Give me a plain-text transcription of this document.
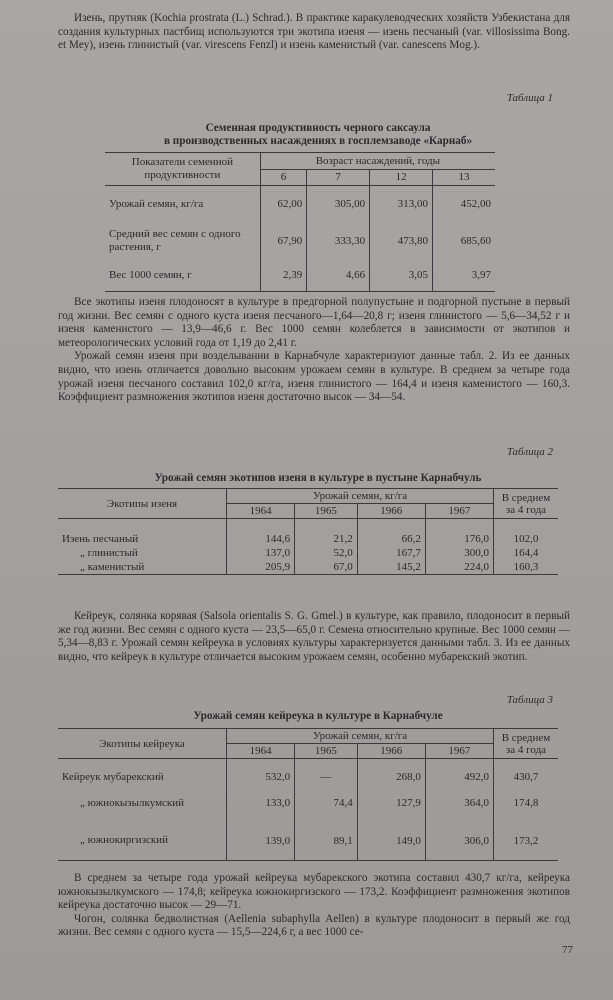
Изень, прутняк (Kochia prostrata (L.) Schrad.). В практике каракулеводческих хозяйств Узбекистана для создания культурных пастбищ используются три экотипа изеня — изень песчаный (var. villosissima Bong. et Mey), изень глинистый (var. virescens Fenzl) и изень каменистый (var. canescens Mog.).

Таблица 1
Семенная продуктивность черного саксаула
в производственных насаждениях в госплемзаводе «Карнаб»
Показатели семенной продуктивности	Возраст насаждений, годы			
	6	7	12	13
Урожай семян, кг/га	62,00	305,00	313,00	452,00
Средний вес семян с одного растения, г	67,90	333,30	473,80	685,60
Вес 1000 семян, г	2,39	4,66	3,05	3,97

Все экотипы изеня плодоносят в культуре в предгорной полупустыне и подгорной пустыне в первый год жизни. Вес семян с одного куста изеня песчаного—1,64—20,8 г; изеня глинистого — 5,6—34,52 г и изеня каменистого — 13,9—46,6 г. Вес 1000 семян колеблется в зависимости от экотипов и метеорологических условий года от 1,19 до 2,41 г.

Урожай семян изеня при возделывании в Карнабчуле характеризуют данные табл. 2. Из ее данных видно, что изень отличается довольно высоким урожаем семян в культуре. В среднем за четыре года урожай изеня песчаного составил 102,0 кг/га, изеня глинистого — 164,4 и изеня каменистого — 160,3. Коэффициент размножения экотипов изеня достаточно высок — 34—54.

Таблица 2
Урожай семян экотипов изеня в культуре в пустыне Карнабчуль
Экотипы изеня	Урожай семян, кг/га				В среднем за 4 года
	1964	1965	1966	1967	
Изень песчаный	144,6	21,2	66,2	176,0	102,0
„ глинистый	137,0	52,0	167,7	300,0	164,4
„ каменистый	205,9	67,0	145,2	224,0	160,3

Кейреук, солянка корявая (Salsola orientalis S. G. Gmel.) в культуре, как правило, плодоносит в первый же год жизни. Вес семян с одного куста — 23,5—65,0 г. Семена относительно крупные. Вес 1000 семян — 5,34—8,83 г. Урожай семян кейреука в условиях культуры характеризуется данными табл. 3. Из ее данных видно, что кейреук в культуре отличается высоким урожаем семян, особенно мубарекский экотип.

Таблица 3
Урожай семян кейреука в культуре в Карнабчуле
Экотипы кейреука	Урожай семян, кг/га				В среднем за 4 года
	1964	1965	1966	1967	
Кейреук мубарекский	532,0	—	268,0	492,0	430,7
„ южнокызылкумский	133,0	74,4	127,9	364,0	174,8
„ южнокиргизский	139,0	89,1	149,0	306,0	173,2

В среднем за четыре года урожай кейреука мубарекского экотипа составил 430,7 кг/га, кейреука южнокызылкумского — 174,8; кейреука южнокиргизского — 173,2. Коэффициент размножения экотипов кейреука достаточно высок — 29—71.

Чогон, солянка бедволистная (Aellenia subaphylla Aellen) в культуре плодоносит в первый же год жизни. Вес семян с одного куста — 15,5—224,6 г, а вес 1000 се-

77
